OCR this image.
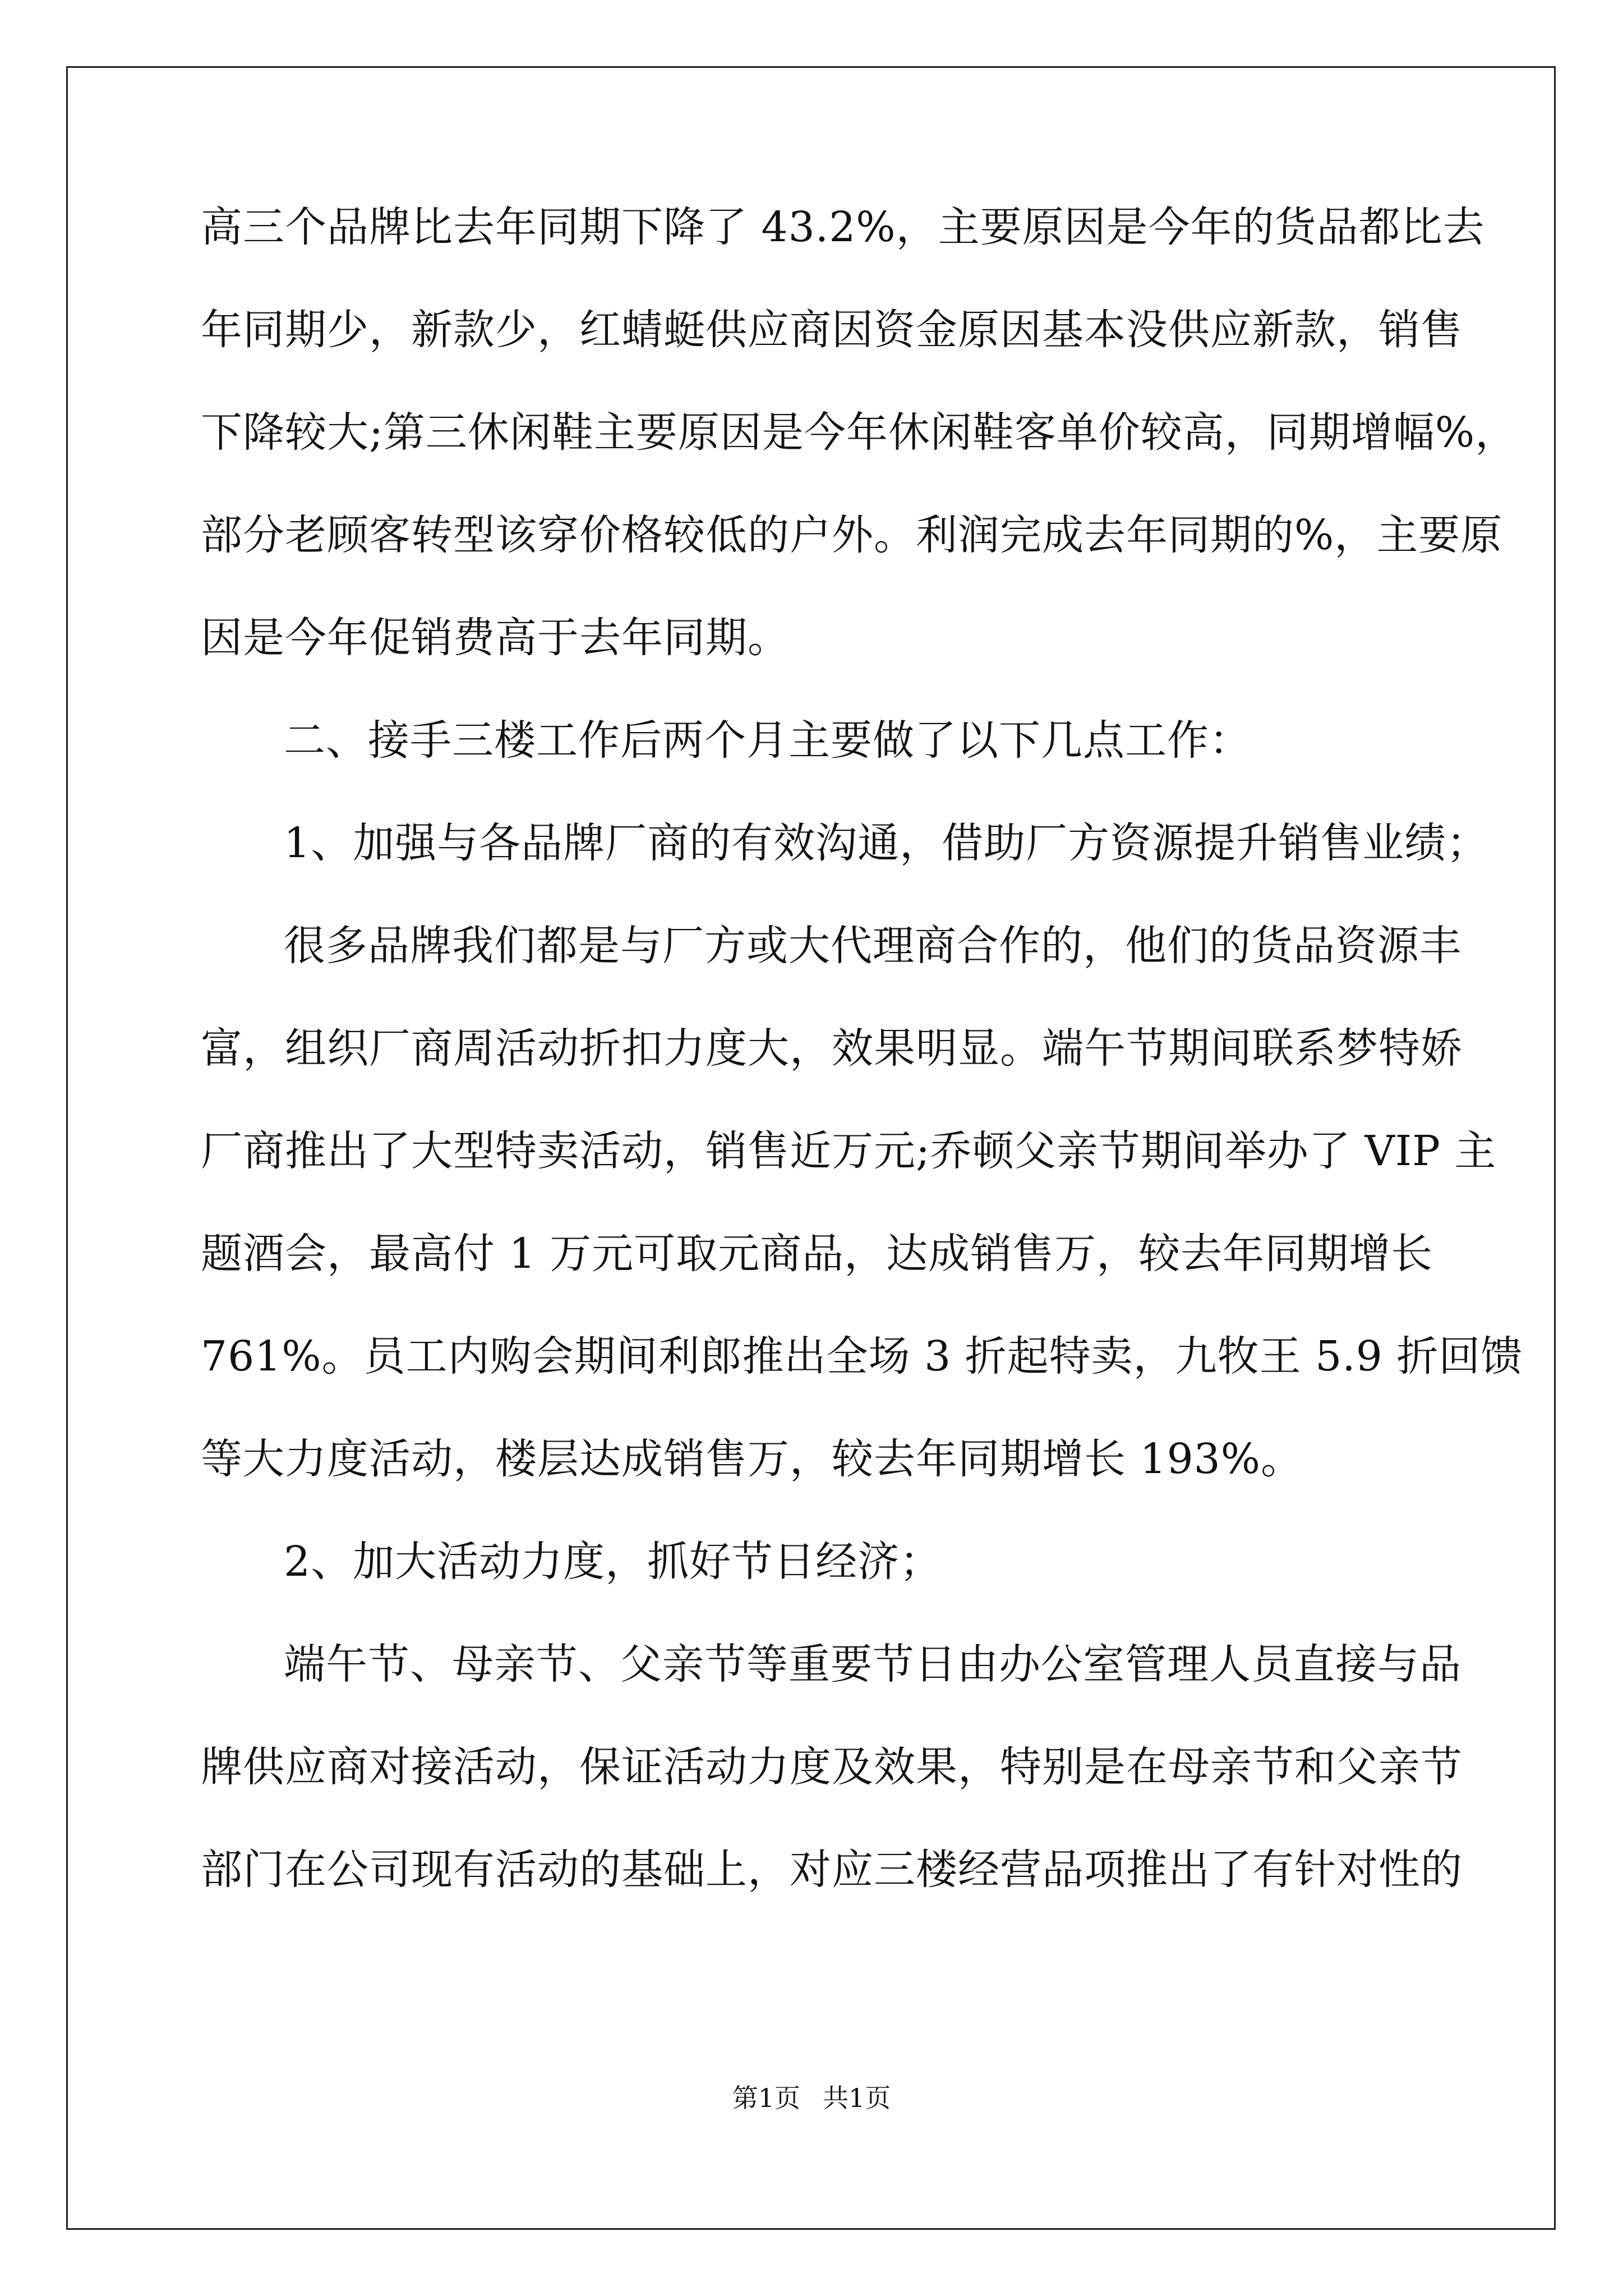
高三个品牌比去年同期下降了 43.2%，主要原因是今年的货品都比去
年同期少，新款少，红蜻蜓供应商因资金原因基本没供应新款，销售
下降较大;第三休闲鞋主要原因是今年休闲鞋客单价较高，同期增幅%，
部分老顾客转型该穿价格较低的户外。利润完成去年同期的%，主要原
因是今年促销费高于去年同期。
二、接手三楼工作后两个月主要做了以下几点工作：
1、加强与各品牌厂商的有效沟通，借助厂方资源提升销售业绩；
很多品牌我们都是与厂方或大代理商合作的，他们的货品资源丰
富，组织厂商周活动折扣力度大，效果明显。端午节期间联系梦特娇
厂商推出了大型特卖活动，销售近万元;乔顿父亲节期间举办了 VIP 主
题酒会，最高付 1 万元可取元商品，达成销售万，较去年同期增长
761%。员工内购会期间利郎推出全场 3 折起特卖，九牧王 5.9 折回馈
等大力度活动，楼层达成销售万，较去年同期增长 193%。
2、加大活动力度，抓好节日经济；
端午节、母亲节、父亲节等重要节日由办公室管理人员直接与品
牌供应商对接活动，保证活动力度及效果，特别是在母亲节和父亲节
部门在公司现有活动的基础上，对应三楼经营品项推出了有针对性的
第1页 共1页
